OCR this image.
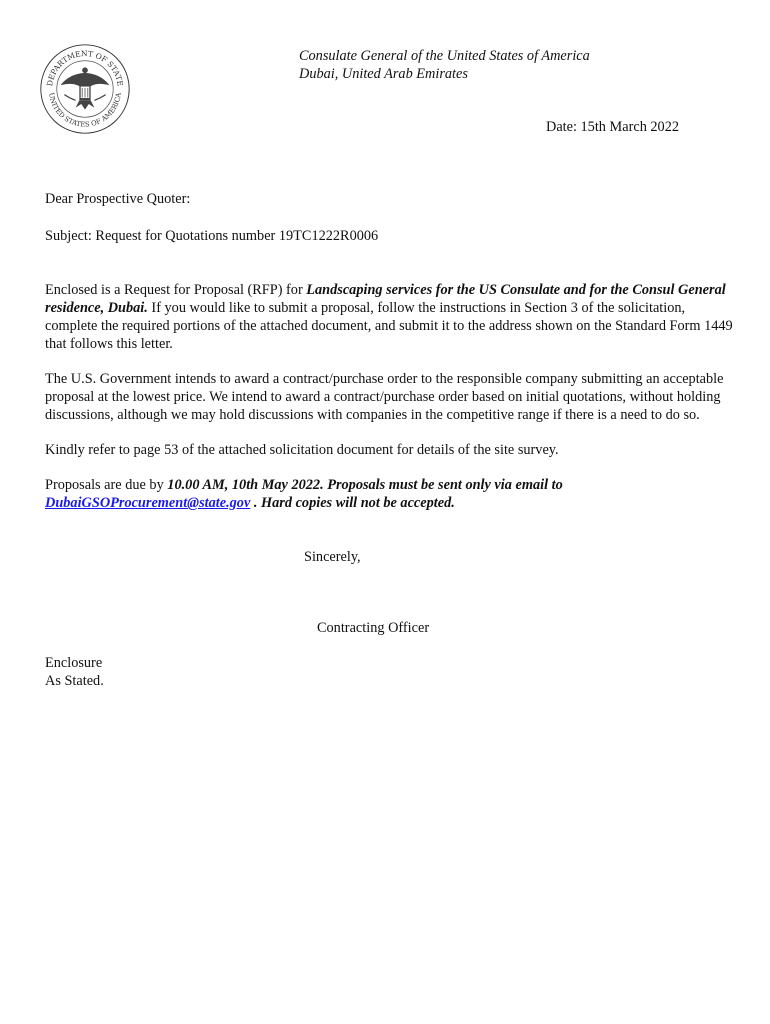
DEPARTMENT OF STATE
UNITED STATES OF AMERICA
Consulate General of the United States of America
Dubai, United Arab Emirates
Date: 15th March 2022

Dear Prospective Quoter:

Subject: Request for Quotations number 19TC1222R0006

Enclosed is a Request for Proposal (RFP) for Landscaping services for the US Consulate and for the Consul General residence, Dubai. If you would like to submit a proposal, follow the instructions in Section 3 of the solicitation, complete the required portions of the attached document, and submit it to the address shown on the Standard Form 1449 that follows this letter.

The U.S. Government intends to award a contract/purchase order to the responsible company submitting an acceptable proposal at the lowest price. We intend to award a contract/purchase order based on initial quotations, without holding discussions, although we may hold discussions with companies in the competitive range if there is a need to do so.

Kindly refer to page 53 of the attached solicitation document for details of the site survey.

Proposals are due by 10.00 AM, 10th May 2022. Proposals must be sent only via email to DubaiGSOProcurement@state.gov . Hard copies will not be accepted.

Sincerely,
Contracting Officer
Enclosure
As Stated.
